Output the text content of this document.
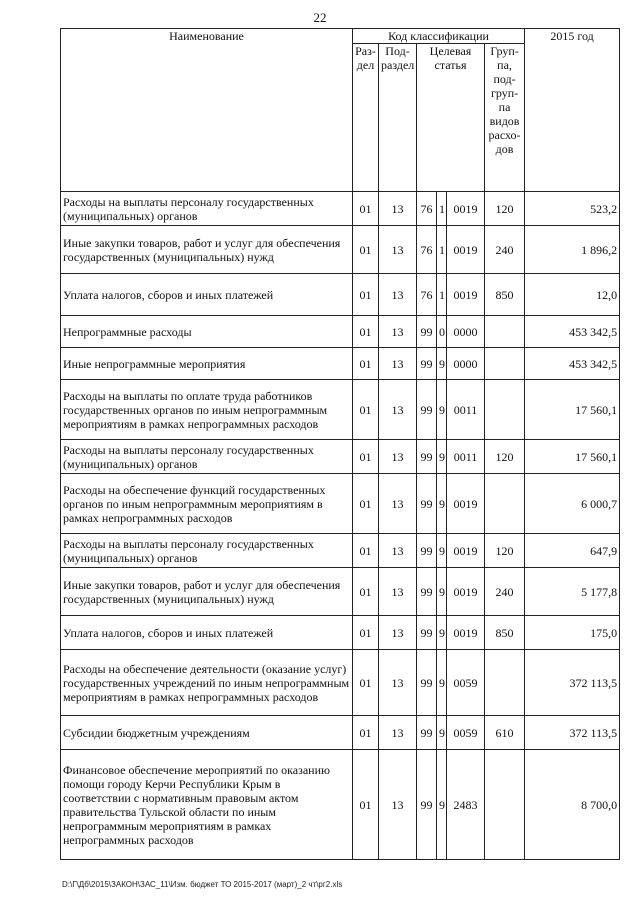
22
Наименование	Код классификации						2015 год
	Раз-дел	Под-раздел	Целевая статья			Груп-па, под-груп-па видов расхо-дов	
Расходы на выплаты персоналу государственных (муниципальных) органов	01	13	76	1	0019	120	523,2
Иные закупки товаров, работ и услуг для обеспечения государственных (муниципальных) нужд	01	13	76	1	0019	240	1 896,2
Уплата налогов, сборов и иных платежей	01	13	76	1	0019	850	12,0
Непрограммные расходы	01	13	99	0	0000		453 342,5
Иные непрограммные мероприятия	01	13	99	9	0000		453 342,5
Расходы на выплаты по оплате труда работников государственных органов по иным непрограммным мероприятиям в рамках непрограммных расходов	01	13	99	9	0011		17 560,1
Расходы на выплаты персоналу государственных (муниципальных) органов	01	13	99	9	0011	120	17 560,1
Расходы на обеспечение функций государственных органов по иным непрограммным мероприятиям в рамках непрограммных расходов	01	13	99	9	0019		6 000,7
Расходы на выплаты персоналу государственных (муниципальных) органов	01	13	99	9	0019	120	647,9
Иные закупки товаров, работ и услуг для обеспечения государственных (муниципальных) нужд	01	13	99	9	0019	240	5 177,8
Уплата налогов, сборов и иных платежей	01	13	99	9	0019	850	175,0
Расходы на обеспечение деятельности (оказание услуг) государственных учреждений по иным непрограммным мероприятиям в рамках непрограммных расходов	01	13	99	9	0059		372 113,5
Субсидии бюджетным учреждениям	01	13	99	9	0059	610	372 113,5
Финансовое обеспечение мероприятий по оказанию помощи городу Керчи Республики Крым в соответствии с нормативным правовым актом правительства Тульской области по иным непрограммным мероприятиям в рамках непрограммных расходов	01	13	99	9	2483		8 700,0
D:\Г\Дб\2015\ЗАКОН\ЗАС_11\Изм. бюджет ТО 2015-2017 (март)_2 чт\рг2.xls
